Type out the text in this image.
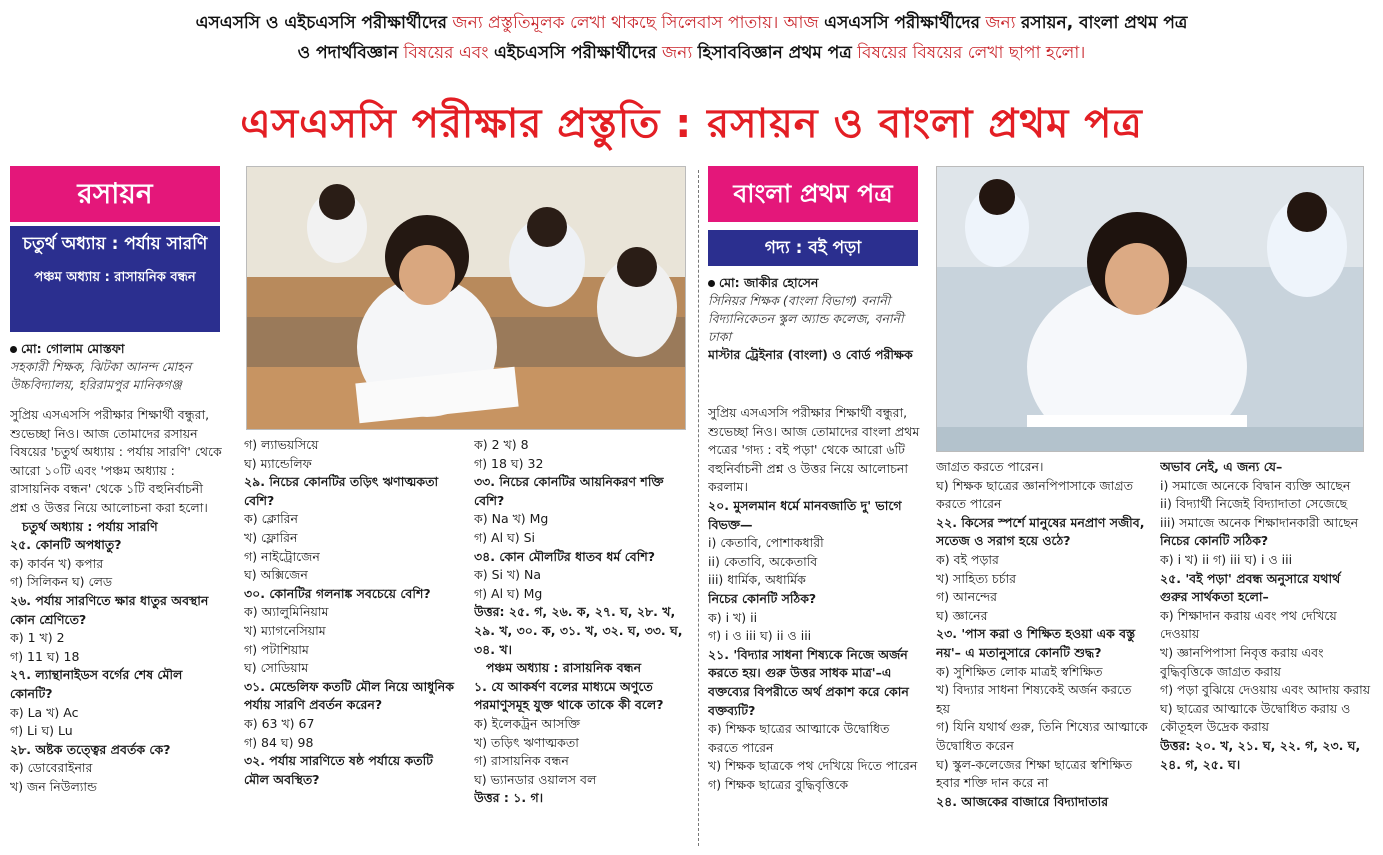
এসএসসি ও এইচএসসি পরীক্ষার্থীদের জন্য প্রস্তুতিমূলক লেখা থাকছে সিলেবাস পাতায়। আজ এসএসসি পরীক্ষার্থীদের জন্য রসায়ন, বাংলা প্রথম পত্র
ও পদার্থবিজ্ঞান বিষয়ের এবং এইচএসসি পরীক্ষার্থীদের জন্য হিসাববিজ্ঞান প্রথম পত্র বিষয়ের বিষয়ের লেখা ছাপা হলো।
এসএসসি পরীক্ষার প্রস্তুতি : রসায়ন ও বাংলা প্রথম পত্র
রসায়ন
চতুর্থ অধ্যায় : পর্যায় সারণি
পঞ্চম অধ্যায় : রাসায়নিক বন্ধন
মো: গোলাম মোস্তফা
সহকারী শিক্ষক, ঝিটকা আনন্দ মোহন উচ্চবিদ্যালয়, হরিরামপুর মানিকগঞ্জ
সুপ্রিয় এসএসসি পরীক্ষার শিক্ষার্থী বন্ধুরা, শুভেচ্ছা নিও। আজ তোমাদের রসায়ন বিষয়ের 'চতুর্থ অধ্যায় : পর্যায় সারণি' থেকে আরো ১০টি এবং 'পঞ্চম অধ্যায় : রাসায়নিক বন্ধন' থেকে ১টি বহুনির্বাচনী প্রশ্ন ও উত্তর নিয়ে আলোচনা করা হলো।
চতুর্থ অধ্যায় : পর্যায় সারণি
২৫. কোনটি অপধাতু?
ক) কার্বন খ) কপার
গ) সিলিকন ঘ) লেড
২৬. পর্যায় সারণিতে ক্ষার ধাতুর অবস্থান কোন শ্রেণিতে?
ক) 1 খ) 2
গ) 11 ঘ) 18
২৭. ল্যান্থানাইডস বর্গের শেষ মৌল কোনটি?
ক) La খ) Ac
গ) Li ঘ) Lu
২৮. অষ্টক তত্ত্বের প্রবর্তক কে?
ক) ডোবেরাইনার
খ) জন নিউল্যান্ড
গ) ল্যাভয়সিয়ে
ঘ) ম্যান্ডেলিফ
২৯. নিচের কোনটির তড়িৎ ঋণাত্মকতা বেশি?
ক) ক্লোরিন
খ) ফ্লোরিন
গ) নাইট্রোজেন
ঘ) অক্সিজেন
৩০. কোনটির গলনাঙ্ক সবচেয়ে বেশি?
ক) অ্যালুমিনিয়াম
খ) ম্যাগনেসিয়াম
গ) পটাশিয়াম
ঘ) সোডিয়াম
৩১. মেন্ডেলিফ কতটি মৌল নিয়ে আধুনিক পর্যায় সারণি প্রবর্তন করেন?
ক) 63 খ) 67
গ) 84 ঘ) 98
৩২. পর্যায় সারণিতে ষষ্ঠ পর্যায়ে কতটি মৌল অবস্থিত?
ক) 2 খ) 8
গ) 18 ঘ) 32
৩৩. নিচের কোনটির আয়নিকরণ শক্তি বেশি?
ক) Na খ) Mg
গ) Al ঘ) Si
৩৪. কোন মৌলটির ধাতব ধর্ম বেশি?
ক) Si খ) Na
গ) Al ঘ) Mg
উত্তর: ২৫. গ, ২৬. ক, ২৭. ঘ, ২৮. খ, ২৯. খ, ৩০. ক, ৩১. খ, ৩২. ঘ, ৩৩. ঘ, ৩৪. খ।
পঞ্চম অধ্যায় : রাসায়নিক বন্ধন
১. যে আকর্ষণ বলের মাধ্যমে অণুতে পরমাণুসমূহ যুক্ত থাকে তাকে কী বলে?
ক) ইলেকট্রন আসক্তি
খ) তড়িৎ ঋণাত্মকতা
গ) রাসায়নিক বন্ধন
ঘ) ভ্যানডার ওয়ালস বল
উত্তর : ১. গ।
বাংলা প্রথম পত্র
গদ্য : বই পড়া
মো: জাকীর হোসেন
সিনিয়র শিক্ষক (বাংলা বিভাগ) বনানী বিদ্যানিকেতন স্কুল অ্যান্ড কলেজ, বনানী ঢাকা
মাস্টার ট্রেইনার (বাংলা) ও বোর্ড পরীক্ষক
সুপ্রিয় এসএসসি পরীক্ষার শিক্ষার্থী বন্ধুরা, শুভেচ্ছা নিও। আজ তোমাদের বাংলা প্রথম পত্রের 'গদ্য : বই পড়া' থেকে আরো ৬টি বহুনির্বাচনী প্রশ্ন ও উত্তর নিয়ে আলোচনা করলাম।
২০. মুসলমান ধর্মে মানবজাতি দু' ভাগে বিভক্ত—
i) কেতাবি, পোশাকধারী
ii) কেতাবি, অকেতাবি
iii) ধার্মিক, অধার্মিক
নিচের কোনটি সঠিক?
ক) i খ) ii
গ) i ও iii ঘ) ii ও iii
২১. 'বিদ্যার সাধনা শিষ্যকে নিজে অর্জন করতে হয়। গুরু উত্তর সাধক মাত্র'–এ বক্তব্যের বিপরীতে অর্থ প্রকাশ করে কোন বক্তব্যটি?
ক) শিক্ষক ছাত্রের আত্মাকে উদ্বোধিত করতে পারেন
খ) শিক্ষক ছাত্রকে পথ দেখিয়ে দিতে পারেন
গ) শিক্ষক ছাত্রের বুদ্ধিবৃত্তিকে
জাগ্রত করতে পারেন।
ঘ) শিক্ষক ছাত্রের জ্ঞানপিপাসাকে জাগ্রত করতে পারেন
২২. কিসের স্পর্শে মানুষের মনপ্রাণ সজীব, সতেজ ও সরাগ হয়ে ওঠে?
ক) বই পড়ার
খ) সাহিত্য চর্চার
গ) আনন্দের
ঘ) জ্ঞানের
২৩. 'পাস করা ও শিক্ষিত হওয়া এক বস্তু নয়'– এ মতানুসারে কোনটি শুদ্ধ?
ক) সুশিক্ষিত লোক মাত্রই স্বশিক্ষিত
খ) বিদ্যার সাধনা শিষ্যকেই অর্জন করতে হয়
গ) যিনি যথার্থ গুরু, তিনি শিষ্যের আত্মাকে উদ্বোধিত করেন
ঘ) স্কুল-কলেজের শিক্ষা ছাত্রের স্বশিক্ষিত হবার শক্তি দান করে না
২৪. আজকের বাজারে বিদ্যাদাতার
অভাব নেই, এ জন্য যে–
i) সমাজে অনেকে বিদ্বান ব্যক্তি আছেন
ii) বিদ্যার্থী নিজেই বিদ্যাদাতা সেজেছে
iii) সমাজে অনেক শিক্ষাদানকারী আছেন
নিচের কোনটি সঠিক?
ক) i খ) ii গ) iii ঘ) i ও iii
২৫. 'বই পড়া' প্রবন্ধ অনুসারে যথার্থ গুরুর সার্থকতা হলো–
ক) শিক্ষাদান করায় এবং পথ দেখিয়ে দেওয়ায়
খ) জ্ঞানপিপাসা নিবৃত্ত করায় এবং বুদ্ধিবৃত্তিকে জাগ্রত করায়
গ) পড়া বুঝিয়ে দেওয়ায় এবং আদায় করায়
ঘ) ছাত্রের আত্মাকে উদ্বোধিত করায় ও কৌতূহল উদ্রেক করায়
উত্তর: ২০. খ, ২১. ঘ, ২২. গ, ২৩. ঘ, ২৪. গ, ২৫. ঘ।
